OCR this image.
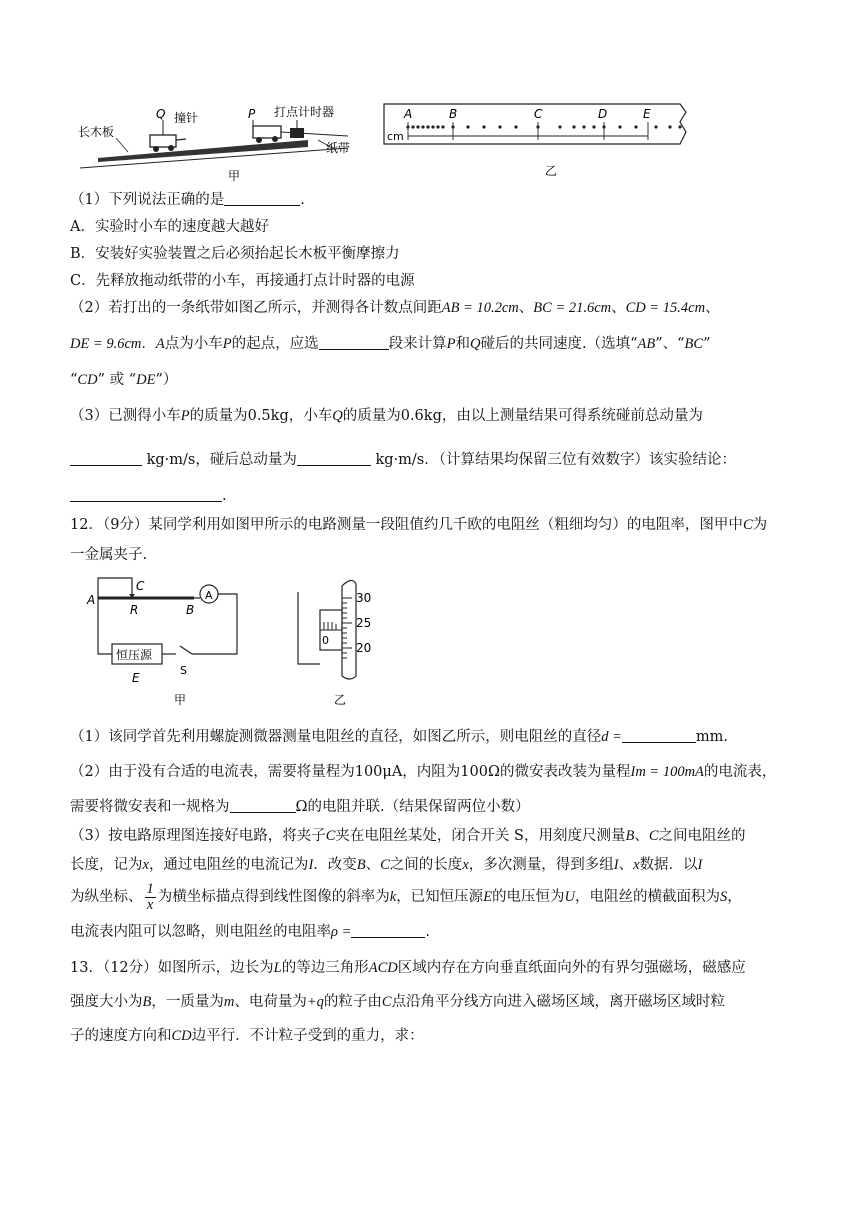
长木板
Q 撞针	P 打点计时器
纸带
甲
A	B	C	D	E
cm
乙
（1）下列说法正确的是	.
A．实验时小车的速度越大越好
B．安装好实验装置之后必须抬起长木板平衡摩擦力
C．先释放拖动纸带的小车，再接通打点计时器的电源
（2）若打出的一条纸带如图乙所示，并测得各计数点间距AB = 10.2cm、BC = 21.6cm、CD = 15.4cm、
DE = 9.6cm．A点为小车P的起点，应选	段来计算P和Q碰后的共同速度.（选填“AB”、“BC”
“CD” 或 “DE”）
（3）已测得小车P的质量为0.5kg，小车Q的质量为0.6kg，由以上测量结果可得系统碰前总动量为
kg·m/s，碰后总动量为	kg·m/s．（计算结果均保留三位有效数字）该实验结论：
.
12．（9分）某同学利用如图甲所示的电路测量一段阻值约几千欧的电阻丝（粗细均匀）的电阻率，图甲中C为
一金属夹子.
A
C
R	B
A
恒压源
S
E
甲
30
25
20
0
乙
（1）该同学首先利用螺旋测微器测量电阻丝的直径，如图乙所示，则电阻丝的直径d =	mm.
（2）由于没有合适的电流表，需要将量程为100μA，内阻为100Ω的微安表改装为量程Im = 100mA的电流表，
需要将微安表和一规格为	Ω的电阻并联.（结果保留两位小数）
（3）按电路原理图连接好电路，将夹子C夹在电阻丝某处，闭合开关 S，用刻度尺测量B、C之间电阻丝的
长度，记为x，通过电阻丝的电流记为I．改变B、C之间的长度x，多次测量，得到多组I、x数据．以I
为纵坐标、 $\frac{1}{x}$ 为横坐标描点得到线性图像的斜率为k，已知恒压源E的电压恒为U，电阻丝的横截面积为S，
电流表内阻可以忽略，则电阻丝的电阻率ρ =	.
13．（12分）如图所示，边长为L的等边三角形ACD区域内存在方向垂直纸面向外的有界匀强磁场，磁感应
强度大小为B，一质量为m、电荷量为+q的粒子由C点沿角平分线方向进入磁场区域，离开磁场区域时粒
子的速度方向和CD边平行．不计粒子受到的重力，求：
